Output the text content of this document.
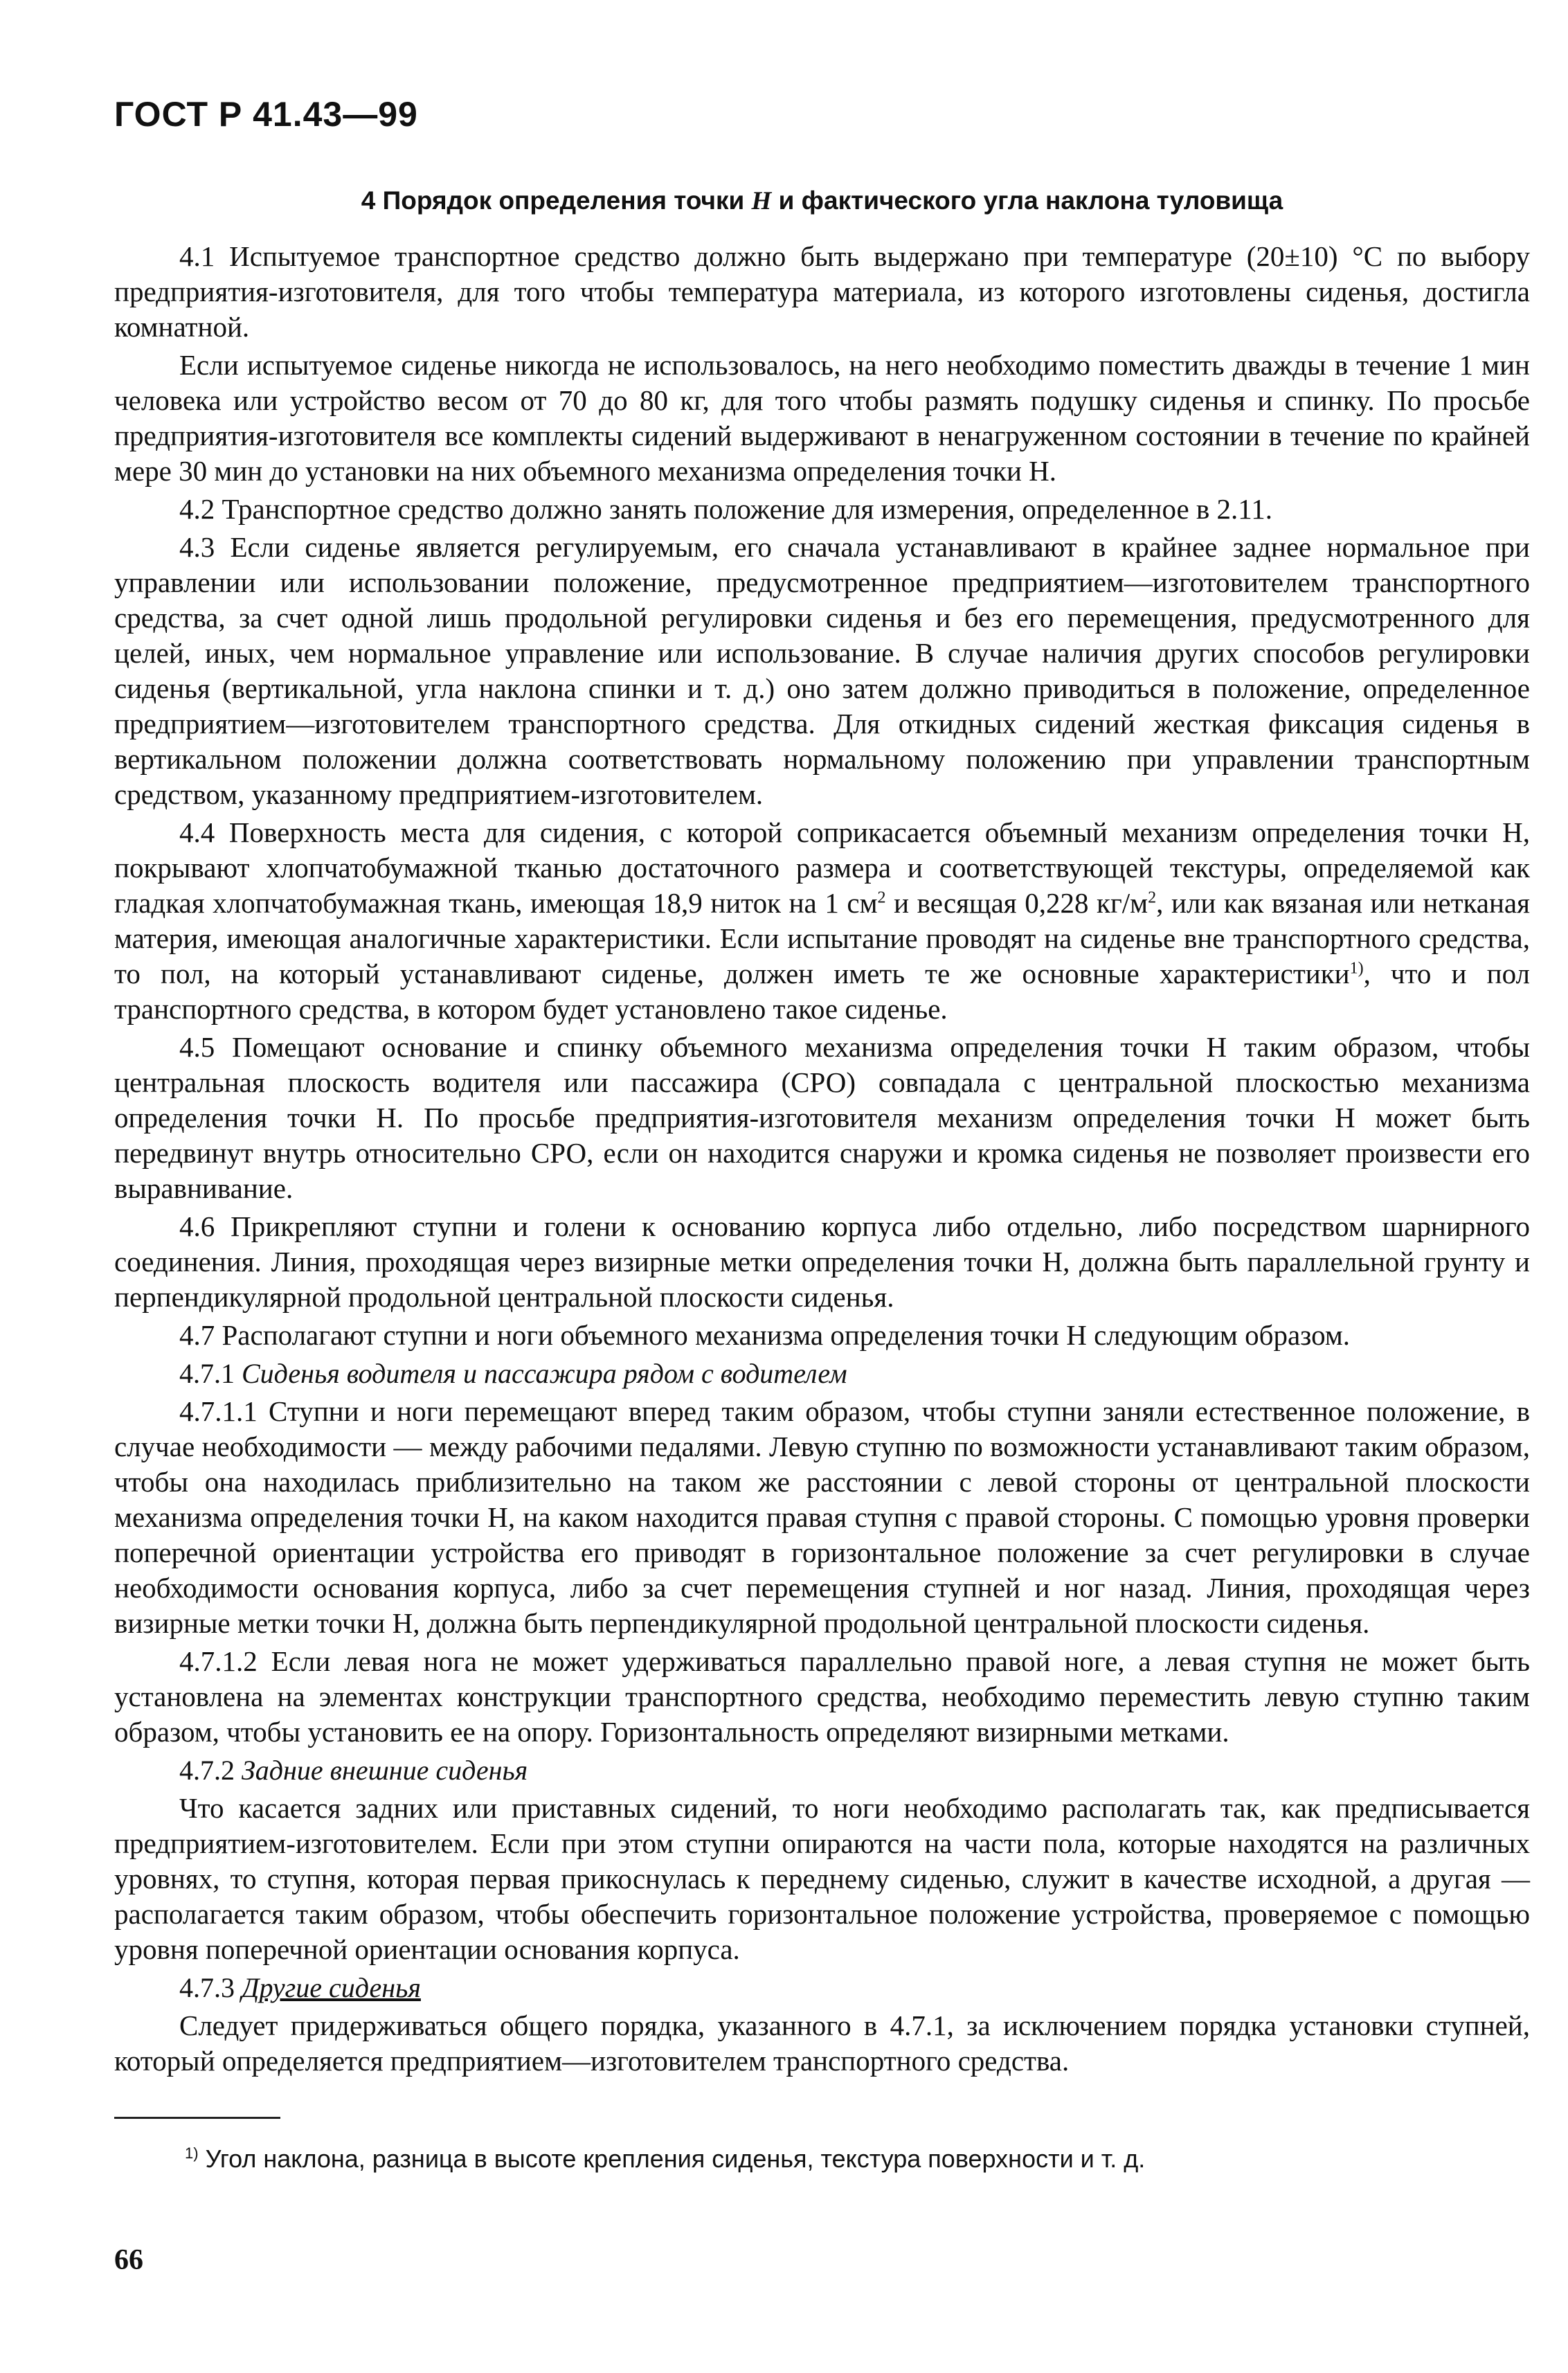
ГОСТ Р 41.43—99
4 Порядок определения точки Н и фактического угла наклона туловища

4.1 Испытуемое транспортное средство должно быть выдержано при температуре (20±10) °С по выбору предприятия-изготовителя, для того чтобы температура материала, из которого изготовлены сиденья, достигла комнатной.

Если испытуемое сиденье никогда не использовалось, на него необходимо поместить дважды в течение 1 мин человека или устройство весом от 70 до 80 кг, для того чтобы размять подушку сиденья и спинку. По просьбе предприятия-изготовителя все комплекты сидений выдерживают в ненагруженном состоянии в течение по крайней мере 30 мин до установки на них объемного механизма определения точки Н.

4.2 Транспортное средство должно занять положение для измерения, определенное в 2.11.

4.3 Если сиденье является регулируемым, его сначала устанавливают в крайнее заднее нормальное при управлении или использовании положение, предусмотренное предприятием—изготовителем транспортного средства, за счет одной лишь продольной регулировки сиденья и без его перемещения, предусмотренного для целей, иных, чем нормальное управление или использование. В случае наличия других способов регулировки сиденья (вертикальной, угла наклона спинки и т. д.) оно затем должно приводиться в положение, определенное предприятием—изготовителем транспортного средства. Для откидных сидений жесткая фиксация сиденья в вертикальном положении должна соответствовать нормальному положению при управлении транспортным средством, указанному предприятием-изготовителем.

4.4 Поверхность места для сидения, с которой соприкасается объемный механизм определения точки Н, покрывают хлопчатобумажной тканью достаточного размера и соответствующей текстуры, определяемой как гладкая хлопчатобумажная ткань, имеющая 18,9 ниток на 1 $см^2$ и весящая 0,228 $кг/м^2$, или как вязаная или нетканая материя, имеющая аналогичные характеристики. Если испытание проводят на сиденье вне транспортного средства, то пол, на который устанавливают сиденье, должен иметь те же основные характеристики$^{1)}$, что и пол транспортного средства, в котором будет установлено такое сиденье.

4.5 Помещают основание и спинку объемного механизма определения точки Н таким образом, чтобы центральная плоскость водителя или пассажира (СРО) совпадала с центральной плоскостью механизма определения точки Н. По просьбе предприятия-изготовителя механизм определения точки Н может быть передвинут внутрь относительно СРО, если он находится снаружи и кромка сиденья не позволяет произвести его выравнивание.

4.6 Прикрепляют ступни и голени к основанию корпуса либо отдельно, либо посредством шарнирного соединения. Линия, проходящая через визирные метки определения точки Н, должна быть параллельной грунту и перпендикулярной продольной центральной плоскости сиденья.

4.7 Располагают ступни и ноги объемного механизма определения точки Н следующим образом.

4.7.1 Сиденья водителя и пассажира рядом с водителем

4.7.1.1 Ступни и ноги перемещают вперед таким образом, чтобы ступни заняли естественное положение, в случае необходимости — между рабочими педалями. Левую ступню по возможности устанавливают таким образом, чтобы она находилась приблизительно на таком же расстоянии с левой стороны от центральной плоскости механизма определения точки Н, на каком находится правая ступня с правой стороны. С помощью уровня проверки поперечной ориентации устройства его приводят в горизонтальное положение за счет регулировки в случае необходимости основания корпуса, либо за счет перемещения ступней и ног назад. Линия, проходящая через визирные метки точки Н, должна быть перпендикулярной продольной центральной плоскости сиденья.

4.7.1.2 Если левая нога не может удерживаться параллельно правой ноге, а левая ступня не может быть установлена на элементах конструкции транспортного средства, необходимо переместить левую ступню таким образом, чтобы установить ее на опору. Горизонтальность определяют визирными метками.

4.7.2 Задние внешние сиденья

Что касается задних или приставных сидений, то ноги необходимо располагать так, как предписывается предприятием-изготовителем. Если при этом ступни опираются на части пола, которые находятся на различных уровнях, то ступня, которая первая прикоснулась к переднему сиденью, служит в качестве исходной, а другая — располагается таким образом, чтобы обеспечить горизонтальное положение устройства, проверяемое с помощью уровня поперечной ориентации основания корпуса.

4.7.3 Другие сиденья

Следует придерживаться общего порядка, указанного в 4.7.1, за исключением порядка установки ступней, который определяется предприятием—изготовителем транспортного средства.

$^{1)}$ Угол наклона, разница в высоте крепления сиденья, текстура поверхности и т. д.

66
